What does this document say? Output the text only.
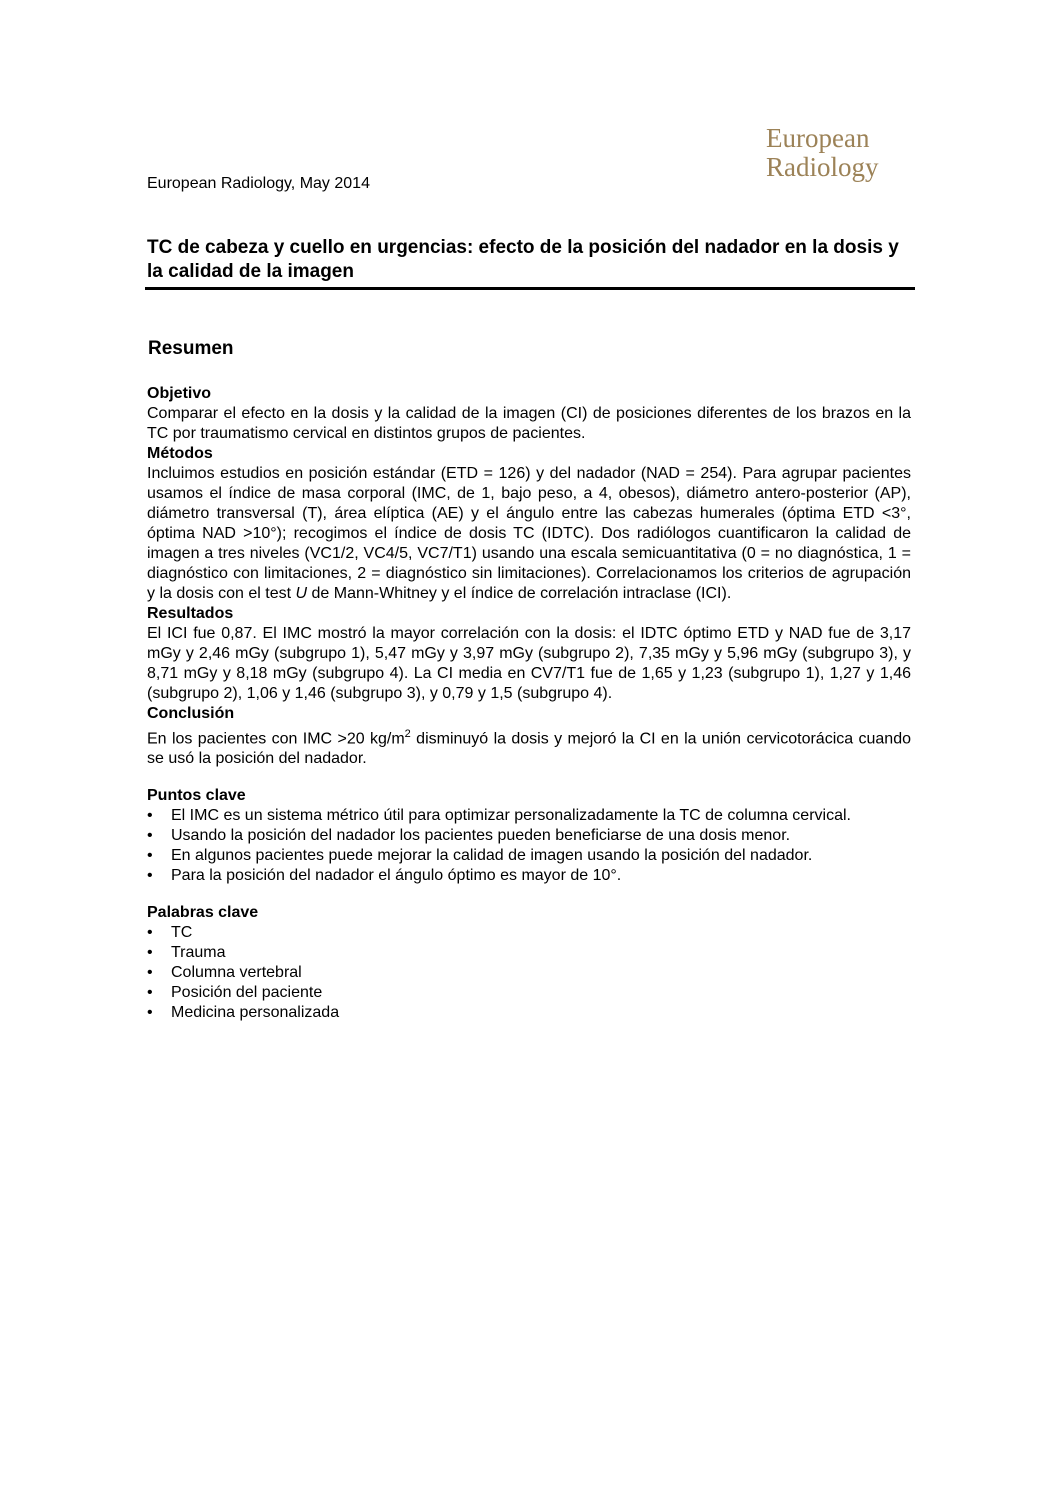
European
Radiology
European Radiology, May 2014
TC de cabeza y cuello en urgencias: efecto de la posición del nadador en la dosis y la calidad de la imagen
Resumen

Objetivo

Comparar el efecto en la dosis y la calidad de la imagen (CI) de posiciones diferentes de los brazos en la TC por traumatismo cervical en distintos grupos de pacientes.

Métodos

Incluimos estudios en posición estándar (ETD = 126) y del nadador (NAD = 254). Para agrupar pacientes usamos el índice de masa corporal (IMC, de 1, bajo peso, a 4, obesos), diámetro antero-posterior (AP), diámetro transversal (T), área elíptica (AE) y el ángulo entre las cabezas humerales (óptima ETD <3°, óptima NAD >10°); recogimos el índice de dosis TC (IDTC). Dos radiólogos cuantificaron la calidad de imagen a tres niveles (VC1/2, VC4/5, VC7/T1) usando una escala semicuantitativa (0 = no diagnóstica, 1 = diagnóstico con limitaciones, 2 = diagnóstico sin limitaciones). Correlacionamos los criterios de agrupación y la dosis con el test U de Mann-Whitney y el índice de correlación intraclase (ICI).

Resultados

El ICI fue 0,87. El IMC mostró la mayor correlación con la dosis: el IDTC óptimo ETD y NAD fue de 3,17 mGy y 2,46 mGy (subgrupo 1), 5,47 mGy y 3,97 mGy (subgrupo 2), 7,35 mGy y 5,96 mGy (subgrupo 3), y 8,71 mGy y 8,18 mGy (subgrupo 4). La CI media en CV7/T1 fue de 1,65 y 1,23 (subgrupo 1), 1,27 y 1,46 (subgrupo 2), 1,06 y 1,46 (subgrupo 3), y 0,79 y 1,5 (subgrupo 4).

Conclusión

En los pacientes con IMC >20 $kg/m^2$ disminuyó la dosis y mejoró la CI en la unión cervicotorácica cuando se usó la posición del nadador.

Puntos clave

• El IMC es un sistema métrico útil para optimizar personalizadamente la TC de columna cervical.
• Usando la posición del nadador los pacientes pueden beneficiarse de una dosis menor.
• En algunos pacientes puede mejorar la calidad de imagen usando la posición del nadador.
• Para la posición del nadador el ángulo óptimo es mayor de 10°.

Palabras clave

• TC
• Trauma
• Columna vertebral
• Posición del paciente
• Medicina personalizada
